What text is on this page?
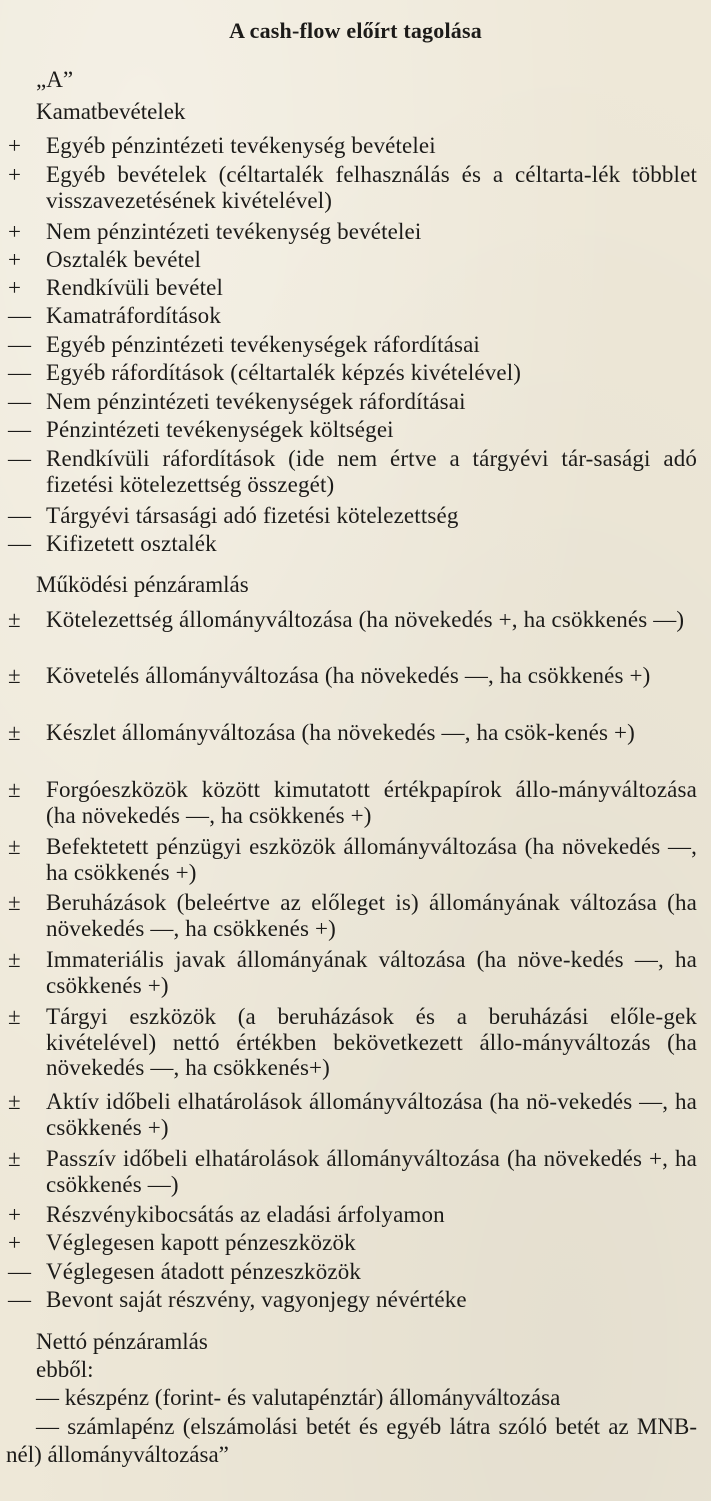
A cash-flow előírt tagolása
„A”
Kamatbevételek
+	Egyéb pénzintézeti tevékenység bevételei
+	Egyéb bevételek (céltartalék felhasználás és a céltarta-lék többlet visszavezetésének kivételével)
+	Nem pénzintézeti tevékenység bevételei
+	Osztalék bevétel
+	Rendkívüli bevétel
— Kamatráfordítások
— Egyéb pénzintézeti tevékenységek ráfordításai
— Egyéb ráfordítások (céltartalék képzés kivételével)
— Nem pénzintézeti tevékenységek ráfordításai
— Pénzintézeti tevékenységek költségei
— Rendkívüli ráfordítások (ide nem értve a tárgyévi tár-sasági adó fizetési kötelezettség összegét)
— Tárgyévi társasági adó fizetési kötelezettség
— Kifizetett osztalék
Működési pénzáramlás
±	Kötelezettség állományváltozása (ha növekedés +, ha csökkenés —)
±	Követelés állományváltozása (ha növekedés —, ha csökkenés +)
±	Készlet állományváltozása (ha növekedés —, ha csök-kenés +)
±	Forgóeszközök között kimutatott értékpapírok állo-mányváltozása (ha növekedés —, ha csökkenés +)
±	Befektetett pénzügyi eszközök állományváltozása (ha növekedés —, ha csökkenés +)
±	Beruházások (beleértve az előleget is) állományának változása (ha növekedés —, ha csökkenés +)
±	Immateriális javak állományának változása (ha növe-kedés —, ha csökkenés +)
±	Tárgyi eszközök (a beruházások és a beruházási előle-gek kivételével) nettó értékben bekövetkezett állo-mányváltozás (ha növekedés —, ha csökkenés+)
±	Aktív időbeli elhatárolások állományváltozása (ha nö-vekedés —, ha csökkenés +)
±	Passzív időbeli elhatárolások állományváltozása (ha növekedés +, ha csökkenés —)
+	Részvénykibocsátás az eladási árfolyamon
+	Véglegesen kapott pénzeszközök
— Véglegesen átadott pénzeszközök
— Bevont saját részvény, vagyonjegy névértéke
Nettó pénzáramlás
ebből:
— készpénz (forint- és valutapénztár) állományváltozása
— számlapénz (elszámolási betét és egyéb látra szóló betét az MNB-nél) állományváltozása”
